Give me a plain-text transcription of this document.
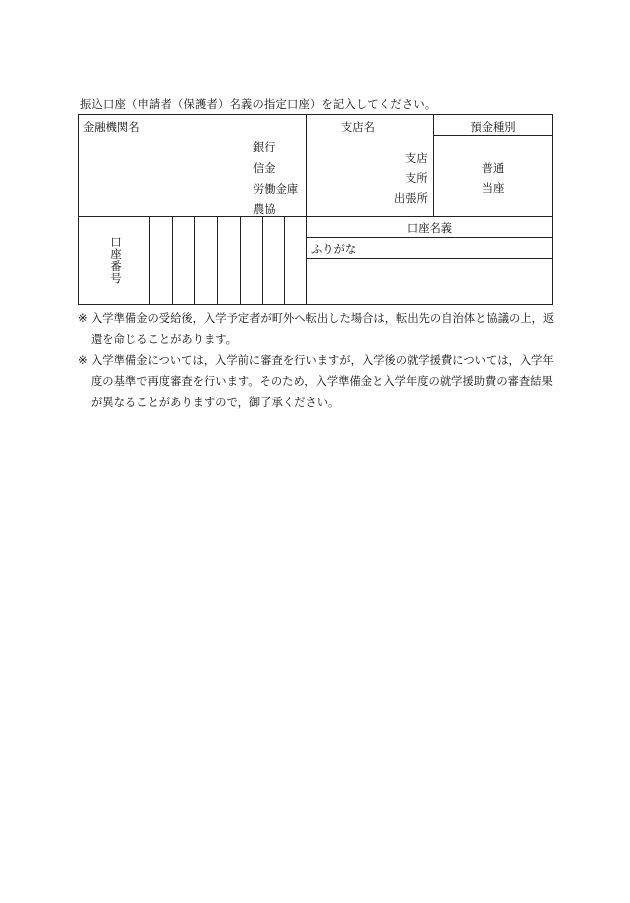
振込口座（申請者（保護者）名義の指定口座）を記入してください。
金融機関名
銀行
信金
労働金庫
農協
支店名
支店
支所
出張所
預金種別
普通
当座
口座番号
口座名義
ふりがな
※ 入学準備金の受給後，入学予定者が町外へ転出した場合は，転出先の自治体と協議の上，返還を命じることがあります。
※ 入学準備金については，入学前に審査を行いますが，入学後の就学援費については，入学年度の基準で再度審査を行います。そのため，入学準備金と入学年度の就学援助費の審査結果が異なることがありますので，御了承ください。
